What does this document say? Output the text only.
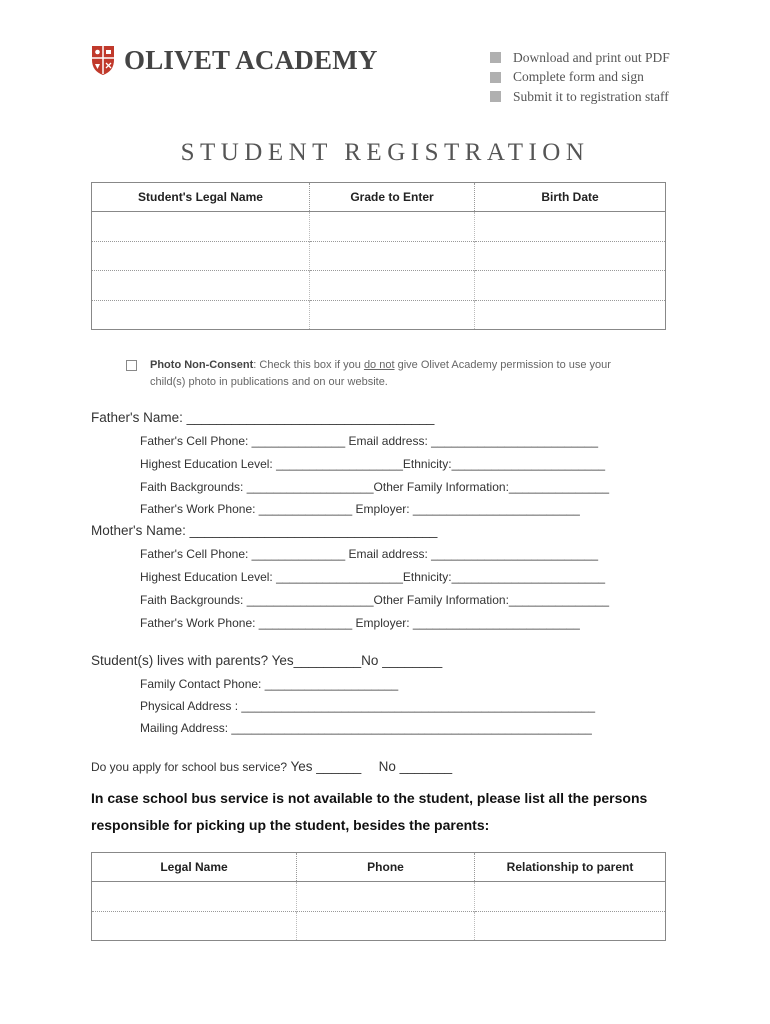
OLIVET ACADEMY	Download and print out PDF
Complete form and sign
Submit it to registration staff
STUDENT REGISTRATION
Student's Legal Name	Grade to Enter	Birth Date

Photo Non-Consent: Check this box if you do not give Olivet Academy permission to use your
child(s) photo in publications and on our website.
Father's Name: _________________________________
Father's Cell Phone: ______________ Email address: _________________________
Highest Education Level: ___________________Ethnicity:_______________________
Faith Backgrounds: ___________________Other Family Information:_______________
Father's Work Phone: ______________ Employer: _________________________
Mother's Name: _________________________________
Father's Cell Phone: ______________ Email address: _________________________
Highest Education Level: ___________________Ethnicity:_______________________
Faith Backgrounds: ___________________Other Family Information:_______________
Father's Work Phone: ______________ Employer: _________________________
Student(s) lives with parents? Yes_________No ________
Family Contact Phone: ____________________
Physical Address : _____________________________________________________
Mailing Address: ______________________________________________________
Do you apply for school bus service? Yes ______ No _______
In case school bus service is not available to the student, please list all the persons
responsible for picking up the student, besides the parents:
Legal Name	Phone	Relationship to parent
